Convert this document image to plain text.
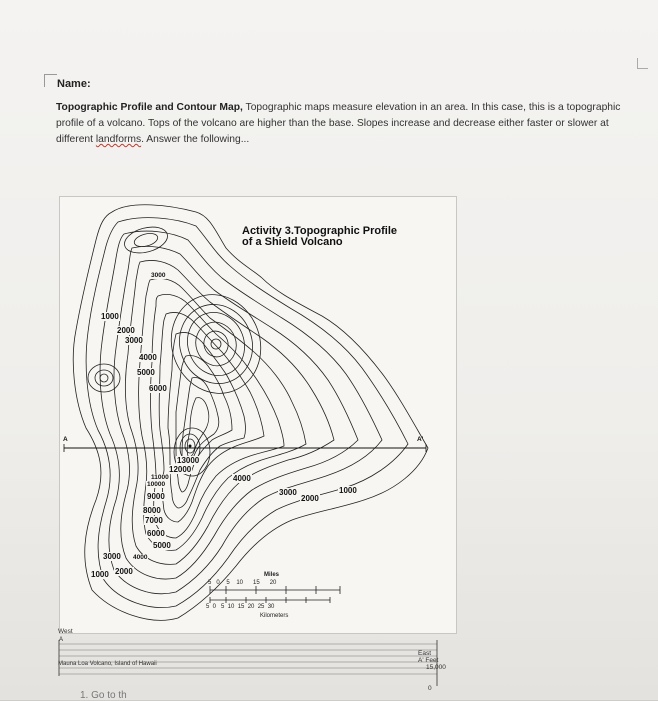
Name:
Topographic Profile and Contour Map, Topographic maps measure elevation in an area. In this case, this is a topographic profile of a volcano. Tops of the volcano are higher than the base. Slopes increase and decrease either faster or slower at different landforms. Answer the following...
Activity 3.Topographic Profile
of a Shield Volcano
3000
1000
2000
3000
4000
5000
6000
13000
12000
11000
10000
9000
8000
7000
6000
5000
3000 4000
1000 2000
4000
3000
2000
1000
A	A'
Miles
5   0    5    10      15      20
5  0   5  10  15  20  25  30
Kilometers
West
A
East
A' Feet
15,000
0
Mauna Loa Volcano, Island of Hawaii
1. Go to th
